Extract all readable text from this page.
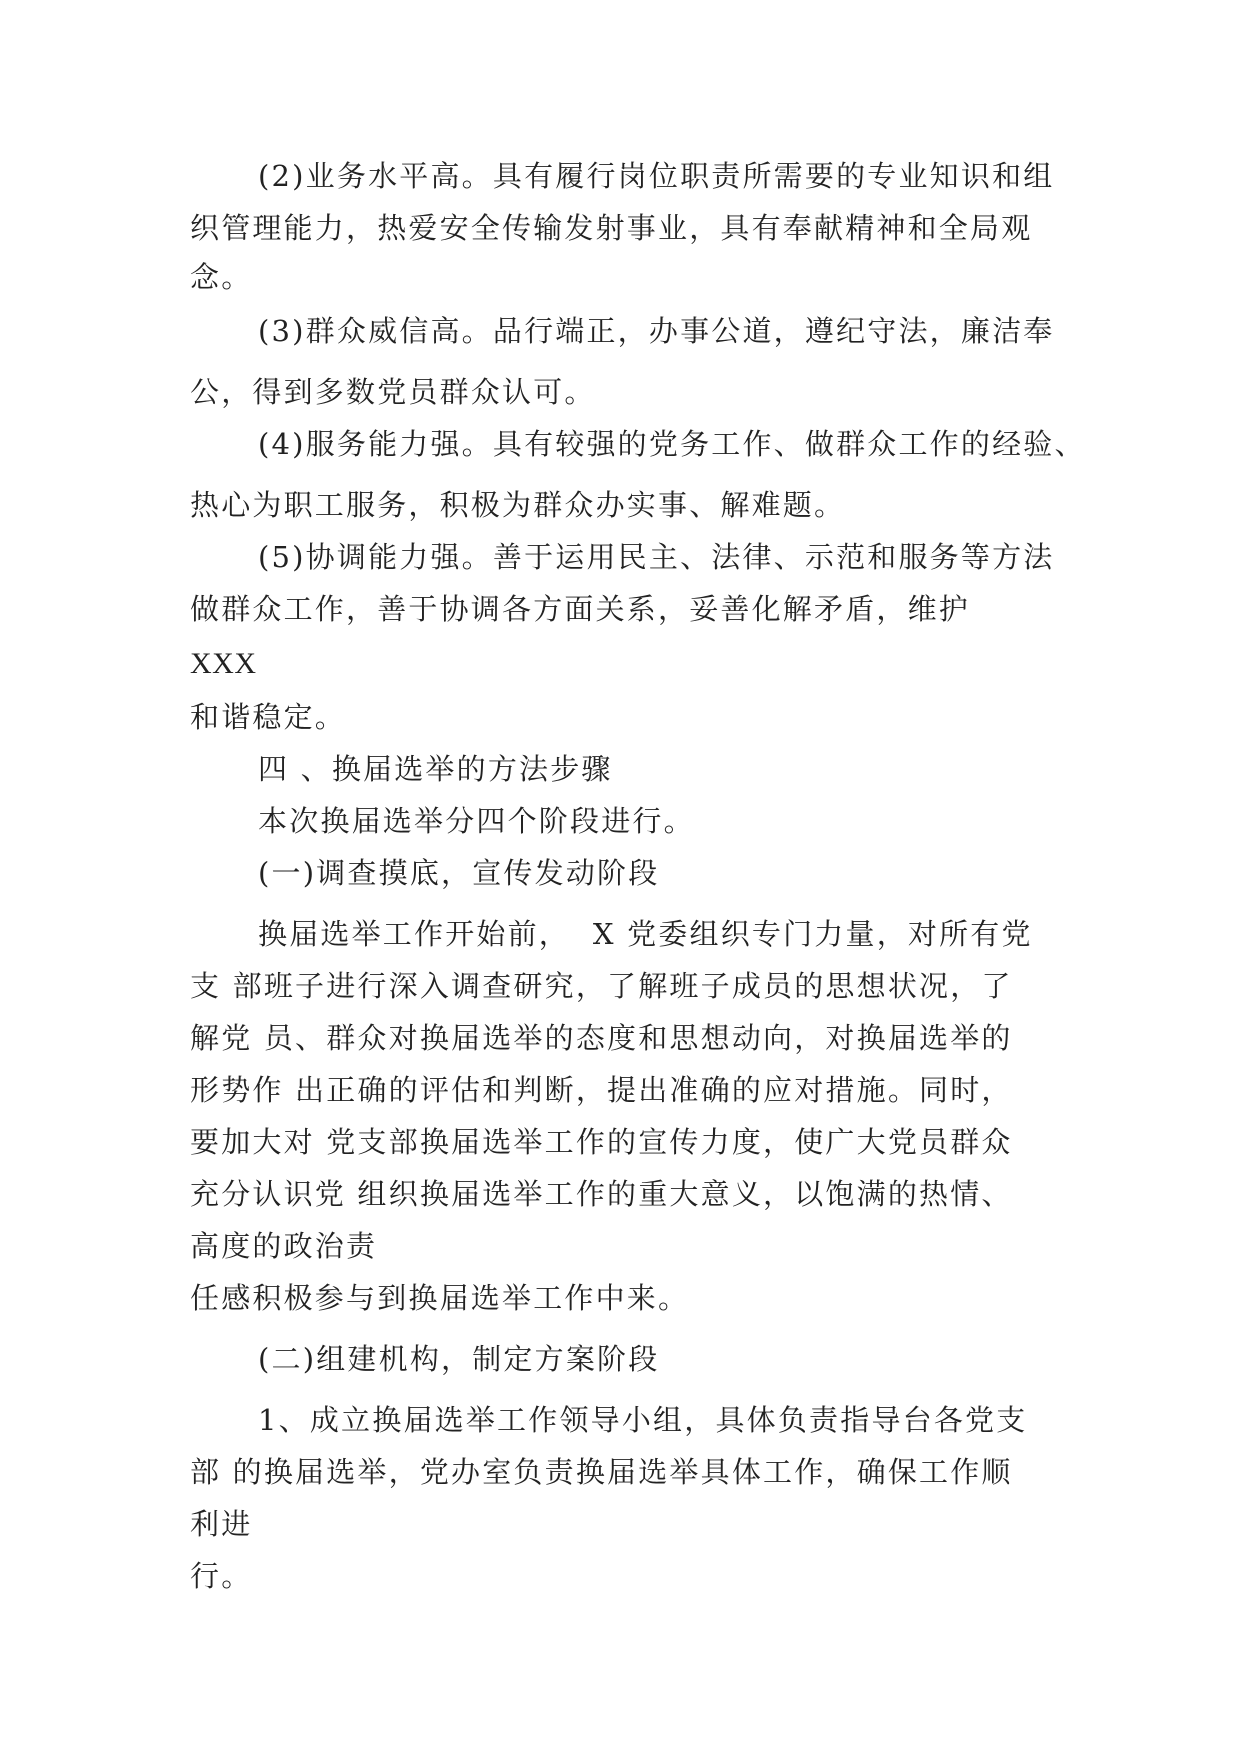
(2)业务水平高。具有履行岗位职责所需要的专业知识和组
织管理能力，热爱安全传输发射事业，具有奉献精神和全局观
念。
(3)群众威信高。品行端正，办事公道，遵纪守法，廉洁奉
公，得到多数党员群众认可。
(4)服务能力强。具有较强的党务工作、做群众工作的经验、
热心为职工服务，积极为群众办实事、解难题。
(5)协调能力强。善于运用民主、法律、示范和服务等方法
做群众工作，善于协调各方面关系，妥善化解矛盾，维护
XXX
和谐稳定。
四 、换届选举的方法步骤
本次换届选举分四个阶段进行。
(一)调查摸底，宣传发动阶段
换届选举工作开始前，  X 党委组织专门力量，对所有党
支 部班子进行深入调查研究，了解班子成员的思想状况，了
解党 员、群众对换届选举的态度和思想动向，对换届选举的
形势作 出正确的评估和判断，提出准确的应对措施。同时，
要加大对 党支部换届选举工作的宣传力度，使广大党员群众
充分认识党 组织换届选举工作的重大意义，以饱满的热情、
高度的政治责
任感积极参与到换届选举工作中来。
(二)组建机构，制定方案阶段
1、成立换届选举工作领导小组，具体负责指导台各党支
部 的换届选举，党办室负责换届选举具体工作，确保工作顺
利进
行。
